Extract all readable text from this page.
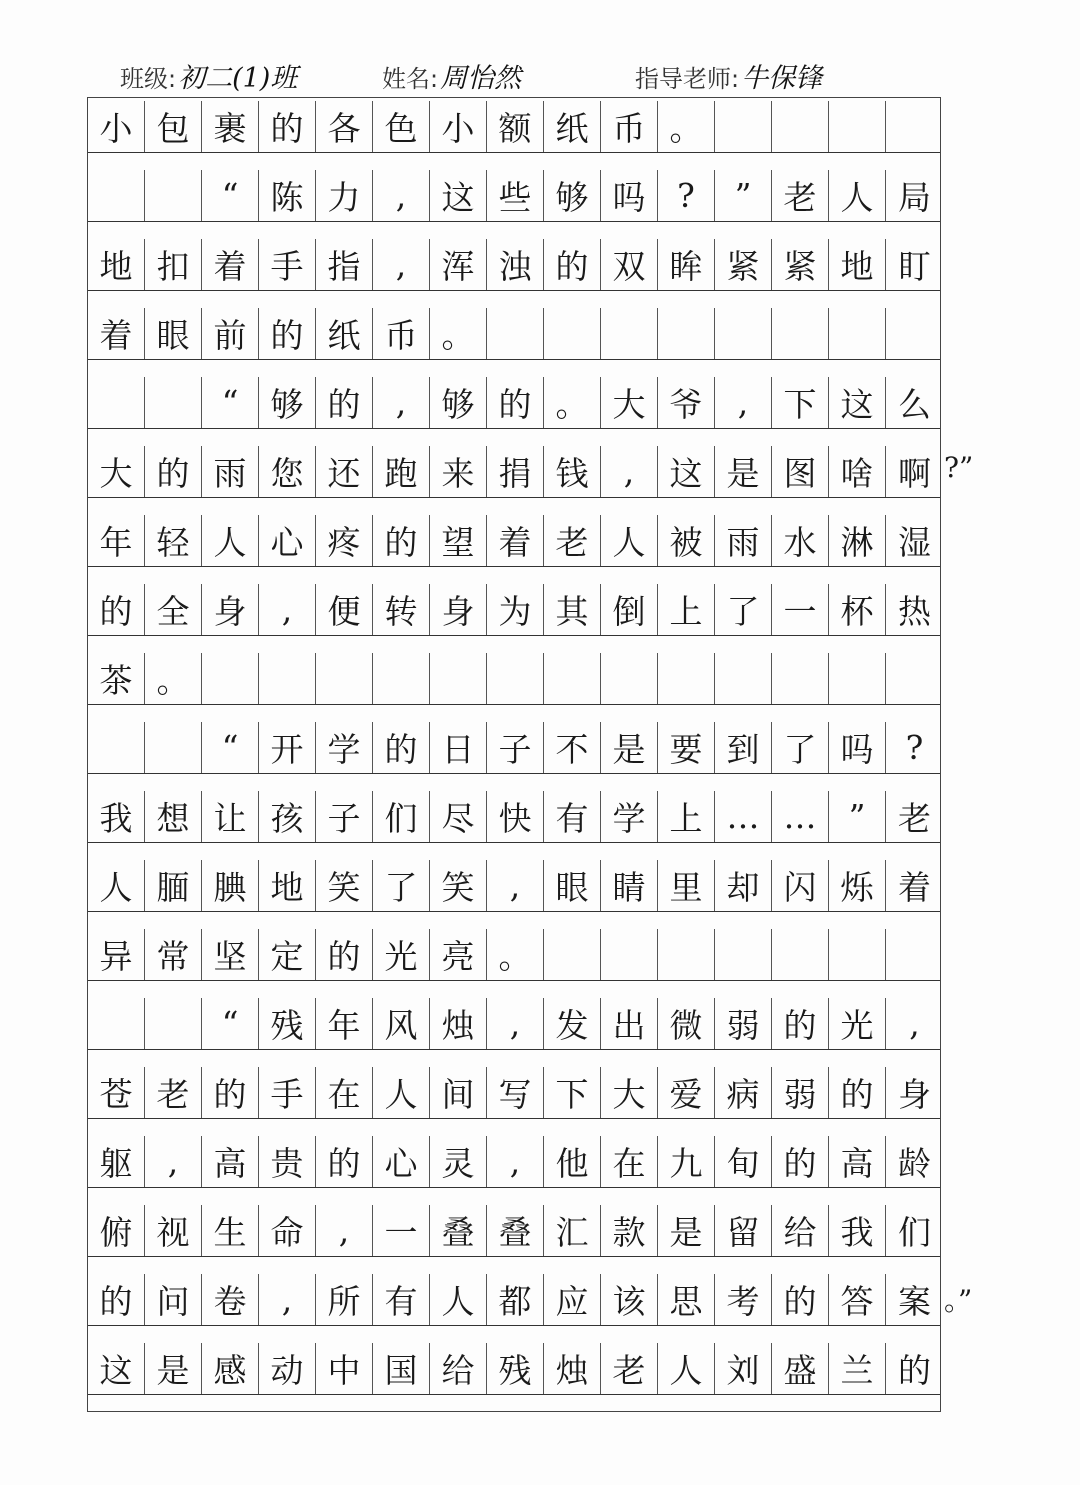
班级:初二(1)班	姓名:周怡然	指导老师:牛保锋
小 包 裹 的 各 色 小 额 纸 币 。
“ 陈 力	,	这 些 够 吗 ?	” 老 人 局
地 扣 着 手 指	,	浑 浊 的 双 眸 紧 紧 地 盯
着 眼 前 的 纸 币 。
“ 够 的	,	够 的 。 大 爷	,	下 这 么
大 的 雨 您 还 跑 来 捐 钱	,	这 是 图 啥 啊
年 轻 人 心 疼 的 望 着 老 人 被 雨 水 淋 湿
的 全 身	,	便 转 身 为 其 倒 上 了 一 杯 热
茶 。
“ 开 学 的 日 子 不 是 要 到 了 吗 ?
我 想 让 孩 子 们 尽 快 有 学 上 … … ” 老
人 腼 腆 地 笑 了 笑	,	眼 睛 里 却 闪 烁 着
异 常 坚 定 的 光 亮 。
“ 残 年 风 烛	,	发 出 微 弱 的 光	,
苍 老 的 手 在 人 间 写 下 大 爱 病 弱 的 身
躯	,	高 贵 的 心 灵	,	他 在 九 旬 的 高 龄
俯 视 生 命	,	一 叠 叠 汇 款 是 留 给 我 们
的 问 卷	,	所 有 人 都 应 该 思 考 的 答 案
这 是 感 动 中 国 给 残 烛 老 人 刘 盛 兰 的
?”
。”
